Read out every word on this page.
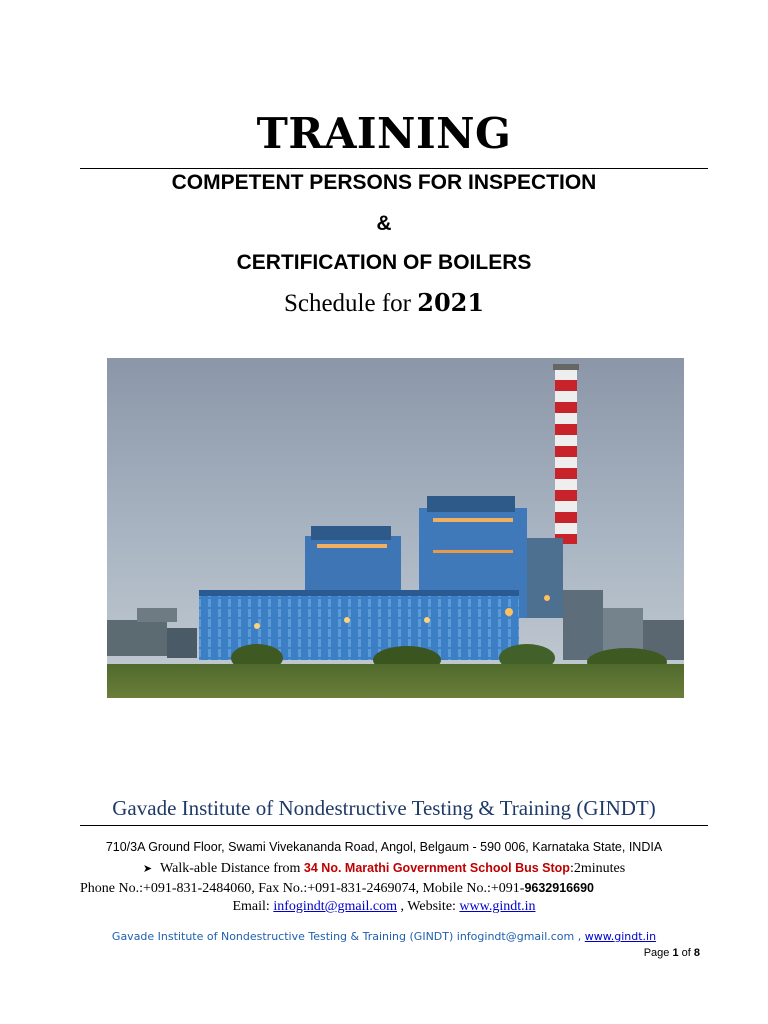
TRAINING
COMPETENT PERSONS FOR INSPECTION
&
CERTIFICATION OF BOILERS
Schedule for 2021
Gavade Institute of Nondestructive Testing & Training (GINDT)
710/3A Ground Floor, Swami Vivekananda Road, Angol, Belgaum - 590 006, Karnataka State, INDIA
➤ Walk-able Distance from 34 No. Marathi Government School Bus Stop:2minutes
Phone No.:+091-831-2484060, Fax No.:+091-831-2469074, Mobile No.:+091-9632916690
Email: infogindt@gmail.com , Website: www.gindt.in
Gavade Institute of Nondestructive Testing & Training (GINDT) infogindt@gmail.com , www.gindt.in
Page 1 of 8
